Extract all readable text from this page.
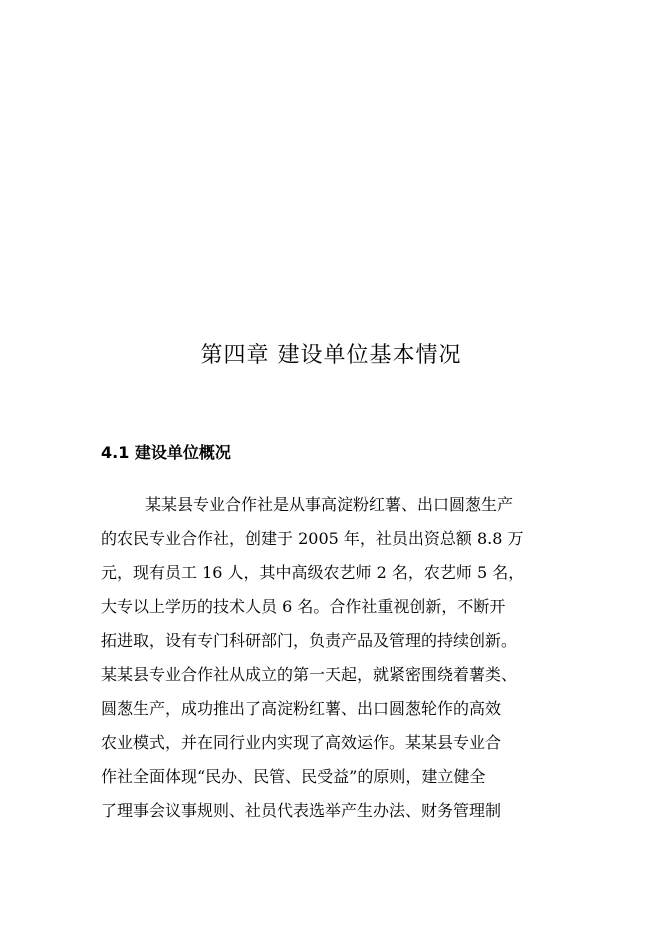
第四章 建设单位基本情况
4.1 建设单位概况
某某县专业合作社是从事高淀粉红薯、出口圆葱生产
的农民专业合作社，创建于 2005 年，社员出资总额 8.8 万
元，现有员工 16 人，其中高级农艺师 2 名，农艺师 5 名，
大专以上学历的技术人员 6 名。合作社重视创新，不断开
拓进取，设有专门科研部门，负责产品及管理的持续创新。
某某县专业合作社从成立的第一天起，就紧密围绕着薯类、
圆葱生产，成功推出了高淀粉红薯、出口圆葱轮作的高效
农业模式，并在同行业内实现了高效运作。某某县专业合
作社全面体现“民办、民管、民受益”的原则，建立健全
了理事会议事规则、社员代表选举产生办法、财务管理制
